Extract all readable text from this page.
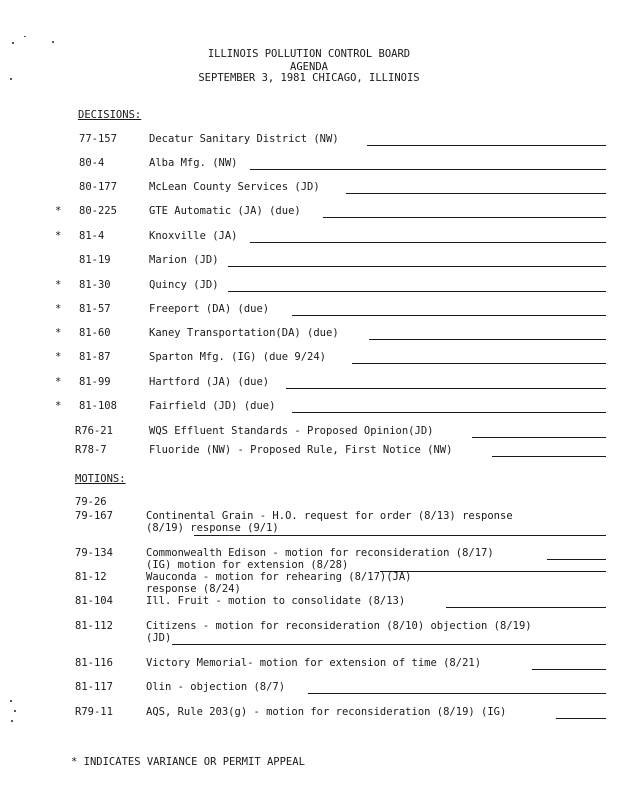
ILLINOIS POLLUTION CONTROL BOARD
AGENDA
SEPTEMBER 3, 1981 CHICAGO, ILLINOIS
DECISIONS:
77-157	Decatur Sanitary District (NW)
80-4	Alba Mfg. (NW)
80-177	McLean County Services (JD)
* 80-225	GTE Automatic (JA) (due)
* 81-4	Knoxville (JA)
81-19	Marion (JD)
* 81-30	Quincy (JD)
* 81-57	Freeport (DA) (due)
* 81-60	Kaney Transportation(DA) (due)
* 81-87	Sparton Mfg. (IG) (due 9/24)
* 81-99	Hartford (JA) (due)
* 81-108	Fairfield (JD) (due)
R76-21	WQS Effluent Standards - Proposed Opinion(JD)
R78-7	Fluoride (NW) - Proposed Rule, First Notice (NW)
MOTIONS:
79-26
79-167	Continental Grain - H.O. request for order (8/13) response
(8/19) response (9/1)
79-134	Commonwealth Edison - motion for reconsideration (8/17)
(IG) motion for extension (8/28)
81-12	Wauconda - motion for rehearing (8/17)(JA)
response (8/24)
81-104	Ill. Fruit - motion to consolidate (8/13)
81-112	Citizens - motion for reconsideration (8/10) objection (8/19)
(JD)
81-116	Victory Memorial- motion for extension of time (8/21)
81-117	Olin - objection (8/7)
R79-11	AQS, Rule 203(g) - motion for reconsideration (8/19) (IG)
* INDICATES VARIANCE OR PERMIT APPEAL
